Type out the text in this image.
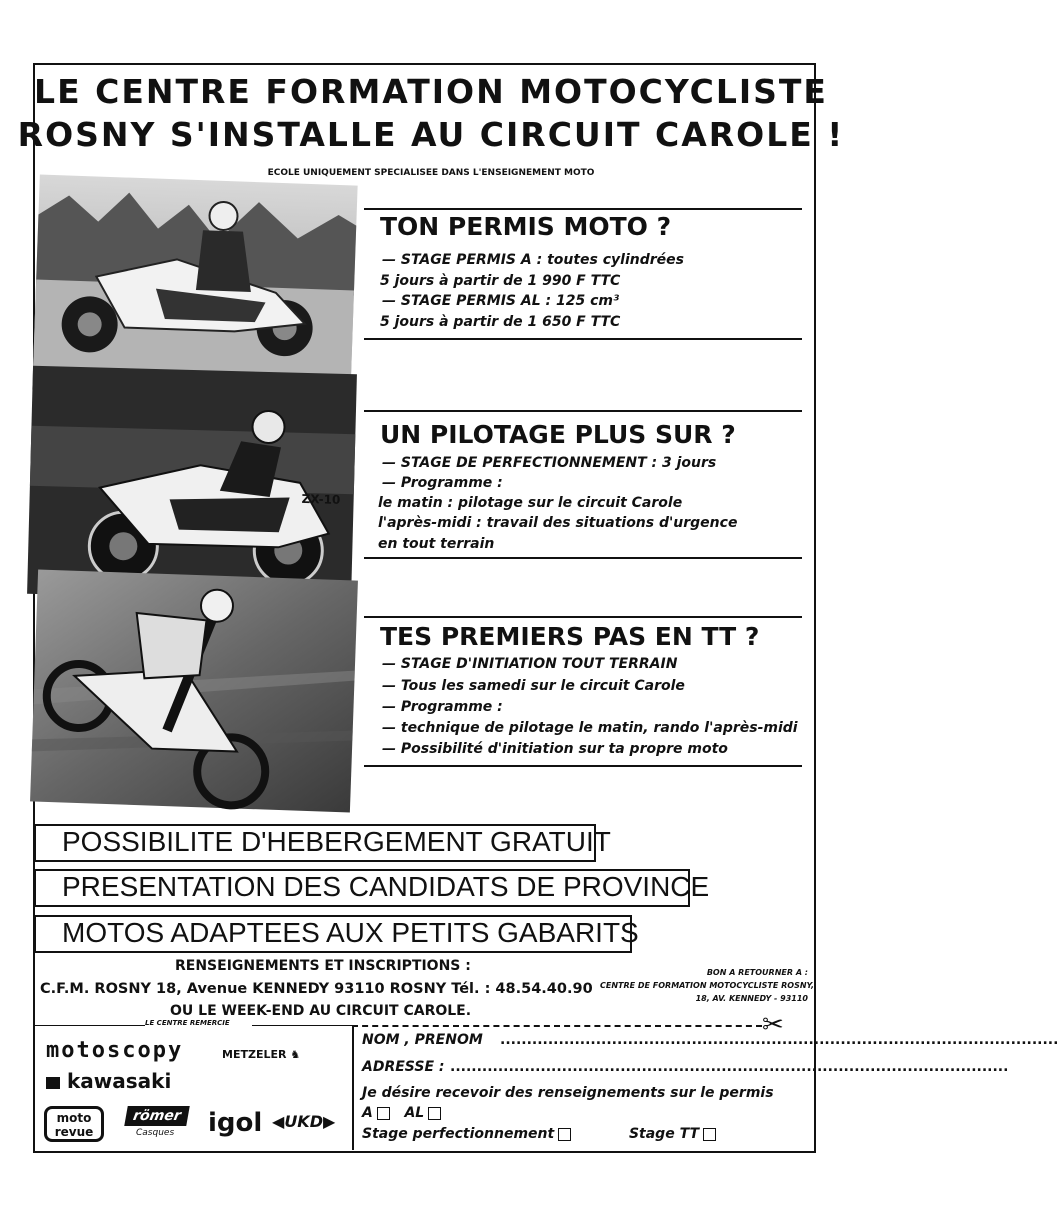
LE CENTRE FORMATION MOTOCYCLISTE
ROSNY S'INSTALLE AU CIRCUIT CAROLE !
ECOLE UNIQUEMENT SPECIALISEE DANS L'ENSEIGNEMENT MOTO
TON PERMIS MOTO ?
— STAGE PERMIS A : toutes cylindrées
5 jours à partir de 1 990 F TTC
— STAGE PERMIS AL : 125 cm³
5 jours à partir de 1 650 F TTC
ZX-10
UN PILOTAGE PLUS SUR ?
— STAGE DE PERFECTIONNEMENT : 3 jours
— Programme :
le matin : pilotage sur le circuit Carole
l'après-midi : travail des situations d'urgence
en tout terrain
TES PREMIERS PAS EN TT ?
— STAGE D'INITIATION TOUT TERRAIN
— Tous les samedi sur le circuit Carole
— Programme :
— technique de pilotage le matin, rando l'après-midi
— Possibilité d'initiation sur ta propre moto
POSSIBILITE D'HEBERGEMENT GRATUIT
PRESENTATION DES CANDIDATS DE PROVINCE
MOTOS ADAPTEES AUX PETITS GABARITS
RENSEIGNEMENTS ET INSCRIPTIONS :
C.F.M. ROSNY 18, Avenue KENNEDY 93110 ROSNY Tél. : 48.54.40.90
OU LE WEEK-END AU CIRCUIT CAROLE.
BON A RETOURNER A :
CENTRE DE FORMATION MOTOCYCLISTE ROSNY,
18, AV. KENNEDY - 93110
LE CENTRE REMERCIE	✂
motoscopy	METZELER ♞
kawasaki
moto revue
römer
Casques igol ◀UKD▶
NOM , PRENOM .........................................................................................................
ADRESSE : .........................................................................................................
Je désire recevoir des renseignements sur le permis
A AL
Stage perfectionnement	Stage TT
